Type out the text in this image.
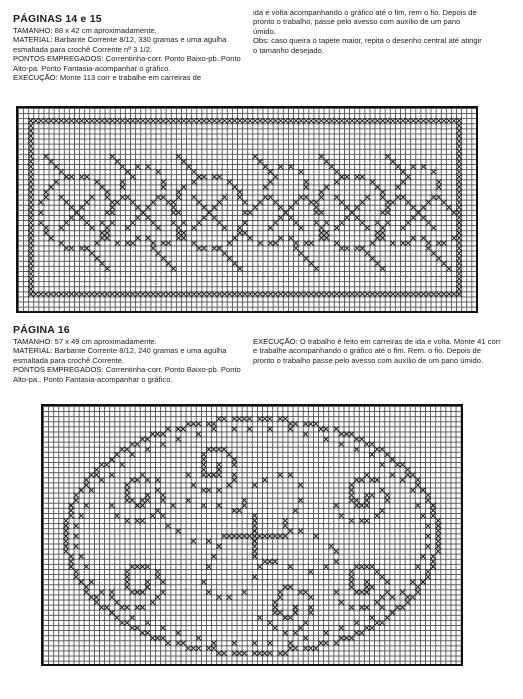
PÁGINAS 14 e 15

TAMANHO: 88 x 42 cm aproximadamente.

MATERIAL: Barbante Corrente 8/12, 330 gramas e uma agulha esmaltada para crochê Corrente nº 3 1/2.

PONTOS EMPREGADOS: Correntinha-corr. Ponto Baixo-pb. Ponto Alto-pa. Ponto Fantasia-acompanhar o gráfico.

EXECUÇÃO: Monte 113 corr e trabalhe em carreiras de

ida e volta acompanhando o gráfico até o fim, rem o fio. Depois de pronto o trabalho, passe pelo avesso com auxílio de um pano úmido.

Obs: caso queira o tapete maior, repita o desenho central até atingir o tamanho desejado.

PÁGINA 16

TAMANHO: 57 x 49 cm aproximadamente.

MATERIAL: Barbante Corrente 8/12, 240 gramas e uma agulha esmaltada para crochê Corrente.

PONTOS EMPREGADOS: Correntinha-corr. Ponto Baixo-pb. Ponto Alto-pa.. Ponto Fantasia-acompanhar o gráfico.

EXECUÇÃO: O trabalho é feito em carreiras de ida e volta. Monte 41 corr e trabalhe acompanhando o gráfico até o fim. Rem. o fio. Depois de pronto o trabalho passe pelo avesso com auxílio de um pano úmido.
